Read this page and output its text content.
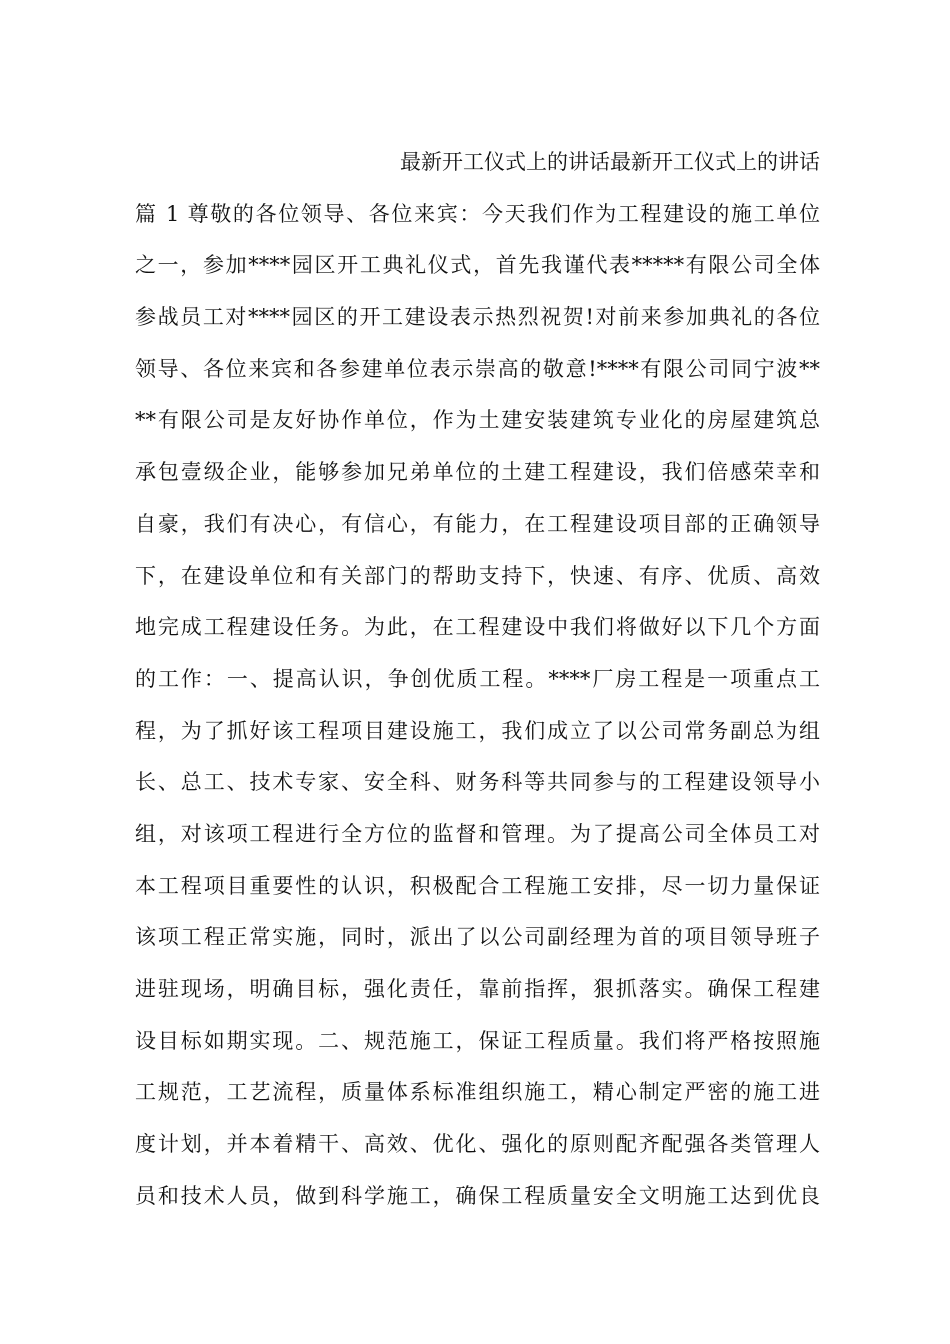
最新开工仪式上的讲话最新开工仪式上的讲话
篇 1 尊敬的各位领导、各位来宾：今天我们作为工程建设的施工单位
之一，参加****园区开工典礼仪式，首先我谨代表*****有限公司全体
参战员工对****园区的开工建设表示热烈祝贺!对前来参加典礼的各位
领导、各位来宾和各参建单位表示崇高的敬意!****有限公司同宁波**
**有限公司是友好协作单位，作为土建安装建筑专业化的房屋建筑总
承包壹级企业，能够参加兄弟单位的土建工程建设，我们倍感荣幸和
自豪，我们有决心，有信心，有能力，在工程建设项目部的正确领导
下，在建设单位和有关部门的帮助支持下，快速、有序、优质、高效
地完成工程建设任务。为此，在工程建设中我们将做好以下几个方面
的工作：一、提高认识，争创优质工程。****厂房工程是一项重点工
程，为了抓好该工程项目建设施工，我们成立了以公司常务副总为组
长、总工、技术专家、安全科、财务科等共同参与的工程建设领导小
组，对该项工程进行全方位的监督和管理。为了提高公司全体员工对
本工程项目重要性的认识，积极配合工程施工安排，尽一切力量保证
该项工程正常实施，同时，派出了以公司副经理为首的项目领导班子
进驻现场，明确目标，强化责任，靠前指挥，狠抓落实。确保工程建
设目标如期实现。二、规范施工，保证工程质量。我们将严格按照施
工规范，工艺流程，质量体系标准组织施工，精心制定严密的施工进
度计划，并本着精干、高效、优化、强化的原则配齐配强各类管理人
员和技术人员，做到科学施工，确保工程质量安全文明施工达到优良
